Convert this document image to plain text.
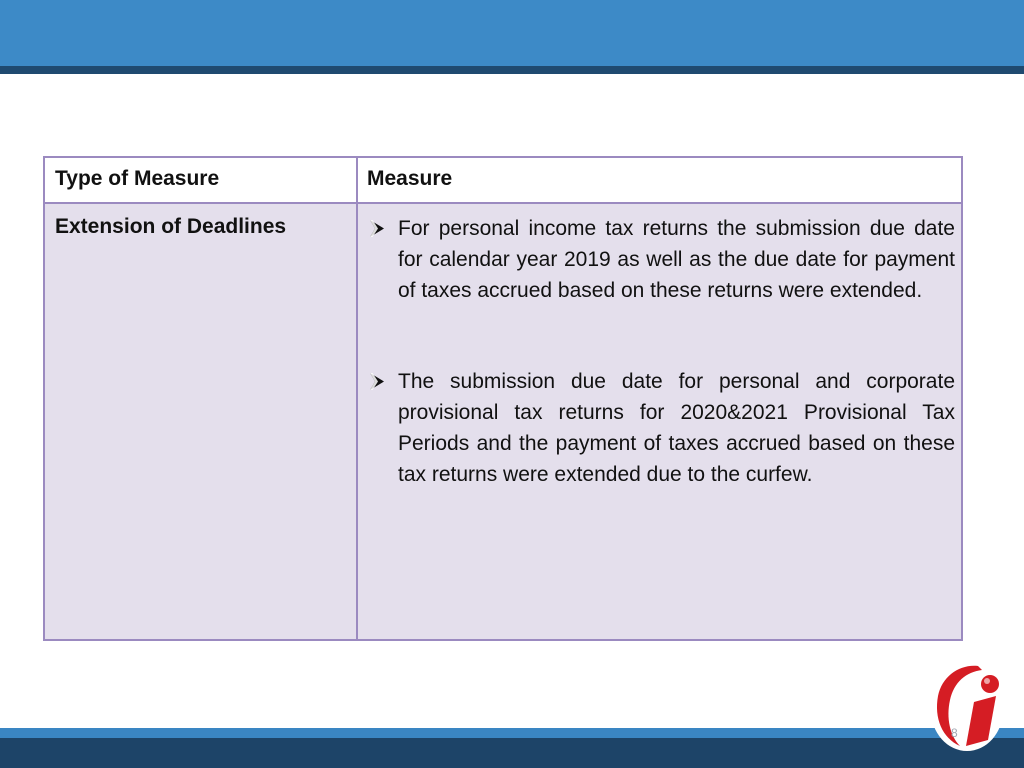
Type of Measure	Measure
Extension of Deadlines	For personal income tax returns the submission due date for calendar year 2019 as well as the due date for payment of taxes accrued based on these returns were extended.
The submission due date for personal and corporate provisional tax returns for 2020&2021 Provisional Tax Periods and the payment of taxes accrued based on these tax returns were extended due to the curfew.
8
